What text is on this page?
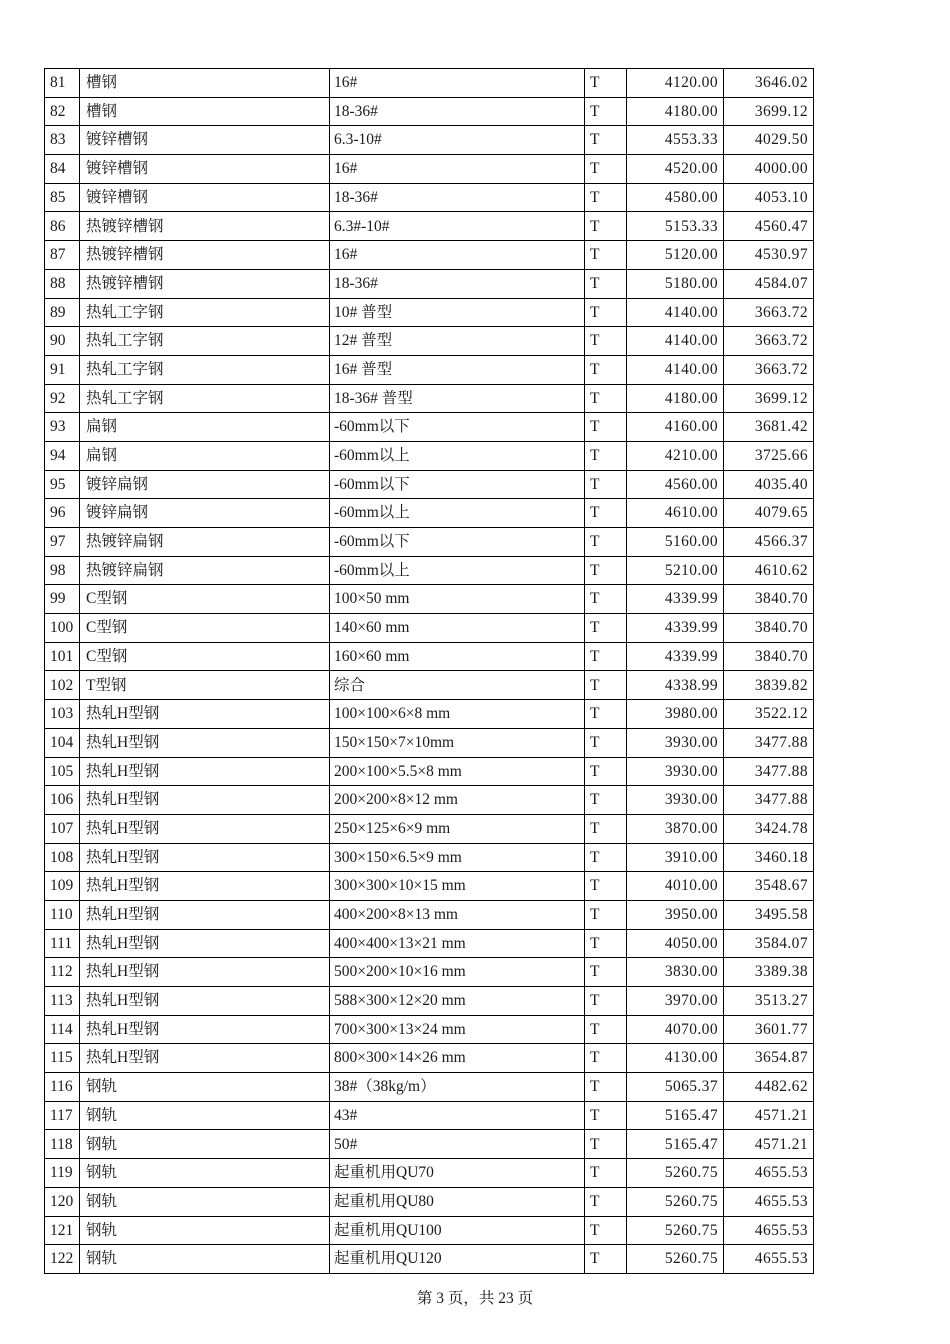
81	槽钢	16#	T	4120.00	3646.02
82	槽钢	18-36#	T	4180.00	3699.12
83	镀锌槽钢	6.3-10#	T	4553.33	4029.50
84	镀锌槽钢	16#	T	4520.00	4000.00
85	镀锌槽钢	18-36#	T	4580.00	4053.10
86	热镀锌槽钢	6.3#-10#	T	5153.33	4560.47
87	热镀锌槽钢	16#	T	5120.00	4530.97
88	热镀锌槽钢	18-36#	T	5180.00	4584.07
89	热轧工字钢	10# 普型	T	4140.00	3663.72
90	热轧工字钢	12# 普型	T	4140.00	3663.72
91	热轧工字钢	16# 普型	T	4140.00	3663.72
92	热轧工字钢	18-36# 普型	T	4180.00	3699.12
93	扁钢	-60mm以下	T	4160.00	3681.42
94	扁钢	-60mm以上	T	4210.00	3725.66
95	镀锌扁钢	-60mm以下	T	4560.00	4035.40
96	镀锌扁钢	-60mm以上	T	4610.00	4079.65
97	热镀锌扁钢	-60mm以下	T	5160.00	4566.37
98	热镀锌扁钢	-60mm以上	T	5210.00	4610.62
99	C型钢	100×50 mm	T	4339.99	3840.70
100	C型钢	140×60 mm	T	4339.99	3840.70
101	C型钢	160×60 mm	T	4339.99	3840.70
102	T型钢	综合	T	4338.99	3839.82
103	热轧H型钢	100×100×6×8 mm	T	3980.00	3522.12
104	热轧H型钢	150×150×7×10mm	T	3930.00	3477.88
105	热轧H型钢	200×100×5.5×8 mm	T	3930.00	3477.88
106	热轧H型钢	200×200×8×12 mm	T	3930.00	3477.88
107	热轧H型钢	250×125×6×9 mm	T	3870.00	3424.78
108	热轧H型钢	300×150×6.5×9 mm	T	3910.00	3460.18
109	热轧H型钢	300×300×10×15 mm	T	4010.00	3548.67
110	热轧H型钢	400×200×8×13 mm	T	3950.00	3495.58
111	热轧H型钢	400×400×13×21 mm	T	4050.00	3584.07
112	热轧H型钢	500×200×10×16 mm	T	3830.00	3389.38
113	热轧H型钢	588×300×12×20 mm	T	3970.00	3513.27
114	热轧H型钢	700×300×13×24 mm	T	4070.00	3601.77
115	热轧H型钢	800×300×14×26 mm	T	4130.00	3654.87
116	钢轨	38#（38kg/m）	T	5065.37	4482.62
117	钢轨	43#	T	5165.47	4571.21
118	钢轨	50#	T	5165.47	4571.21
119	钢轨	起重机用QU70	T	5260.75	4655.53
120	钢轨	起重机用QU80	T	5260.75	4655.53
121	钢轨	起重机用QU100	T	5260.75	4655.53
122	钢轨	起重机用QU120	T	5260.75	4655.53
第 3 页，共 23 页
